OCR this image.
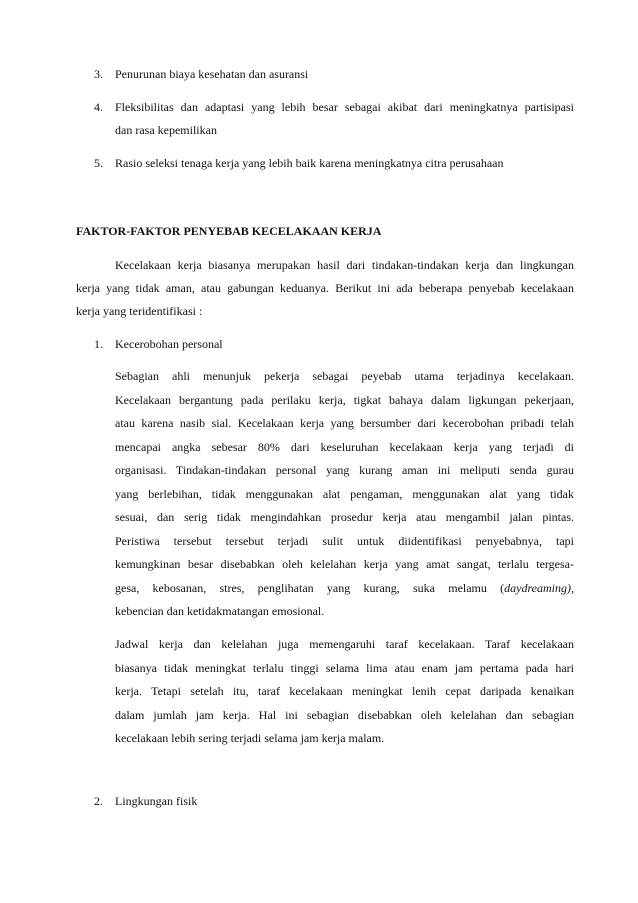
3. Penurunan biaya kesehatan dan asuransi
4. Fleksibilitas dan adaptasi yang lebih besar sebagai akibat dari meningkatnya partisipasi
dan rasa kepemilikan
5. Rasio seleksi tenaga kerja yang lebih baik karena meningkatnya citra perusahaan
FAKTOR-FAKTOR PENYEBAB KECELAKAAN KERJA
Kecelakaan kerja biasanya merupakan hasil dari tindakan-tindakan kerja dan lingkungan
kerja yang tidak aman, atau gabungan keduanya. Berikut ini ada beberapa penyebab kecelakaan
kerja yang teridentifikasi :
1. Kecerobohan personal
Sebagian ahli menunjuk pekerja sebagai peyebab utama terjadinya kecelakaan.
Kecelakaan bergantung pada perilaku kerja, tigkat bahaya dalam ligkungan pekerjaan,
atau karena nasib sial. Kecelakaan kerja yang bersumber dari kecerobohan pribadi telah
mencapai angka sebesar 80% dari keseluruhan kecelakaan kerja yang terjadi di
organisasi. Tindakan-tindakan personal yang kurang aman ini meliputi senda gurau
yang berlebihan, tidak menggunakan alat pengaman, menggunakan alat yang tidak
sesuai, dan serig tidak mengindahkan prosedur kerja atau mengambil jalan pintas.
Peristiwa tersebut tersebut terjadi sulit untuk diidentifikasi penyebabnya, tapi
kemungkinan besar disebabkan oleh kelelahan kerja yang amat sangat, terlalu tergesa-
gesa, kebosanan, stres, penglihatan yang kurang, suka melamu (daydreaming),
kebencian dan ketidakmatangan emosional.
Jadwal kerja dan kelelahan juga memengaruhi taraf kecelakaan. Taraf kecelakaan
biasanya tidak meningkat terlalu tinggi selama lima atau enam jam pertama pada hari
kerja. Tetapi setelah itu, taraf kecelakaan meningkat lenih cepat daripada kenaikan
dalam jumlah jam kerja. Hal ini sebagian disebabkan oleh kelelahan dan sebagian
kecelakaan lebih sering terjadi selama jam kerja malam.
2. Lingkungan fisik
